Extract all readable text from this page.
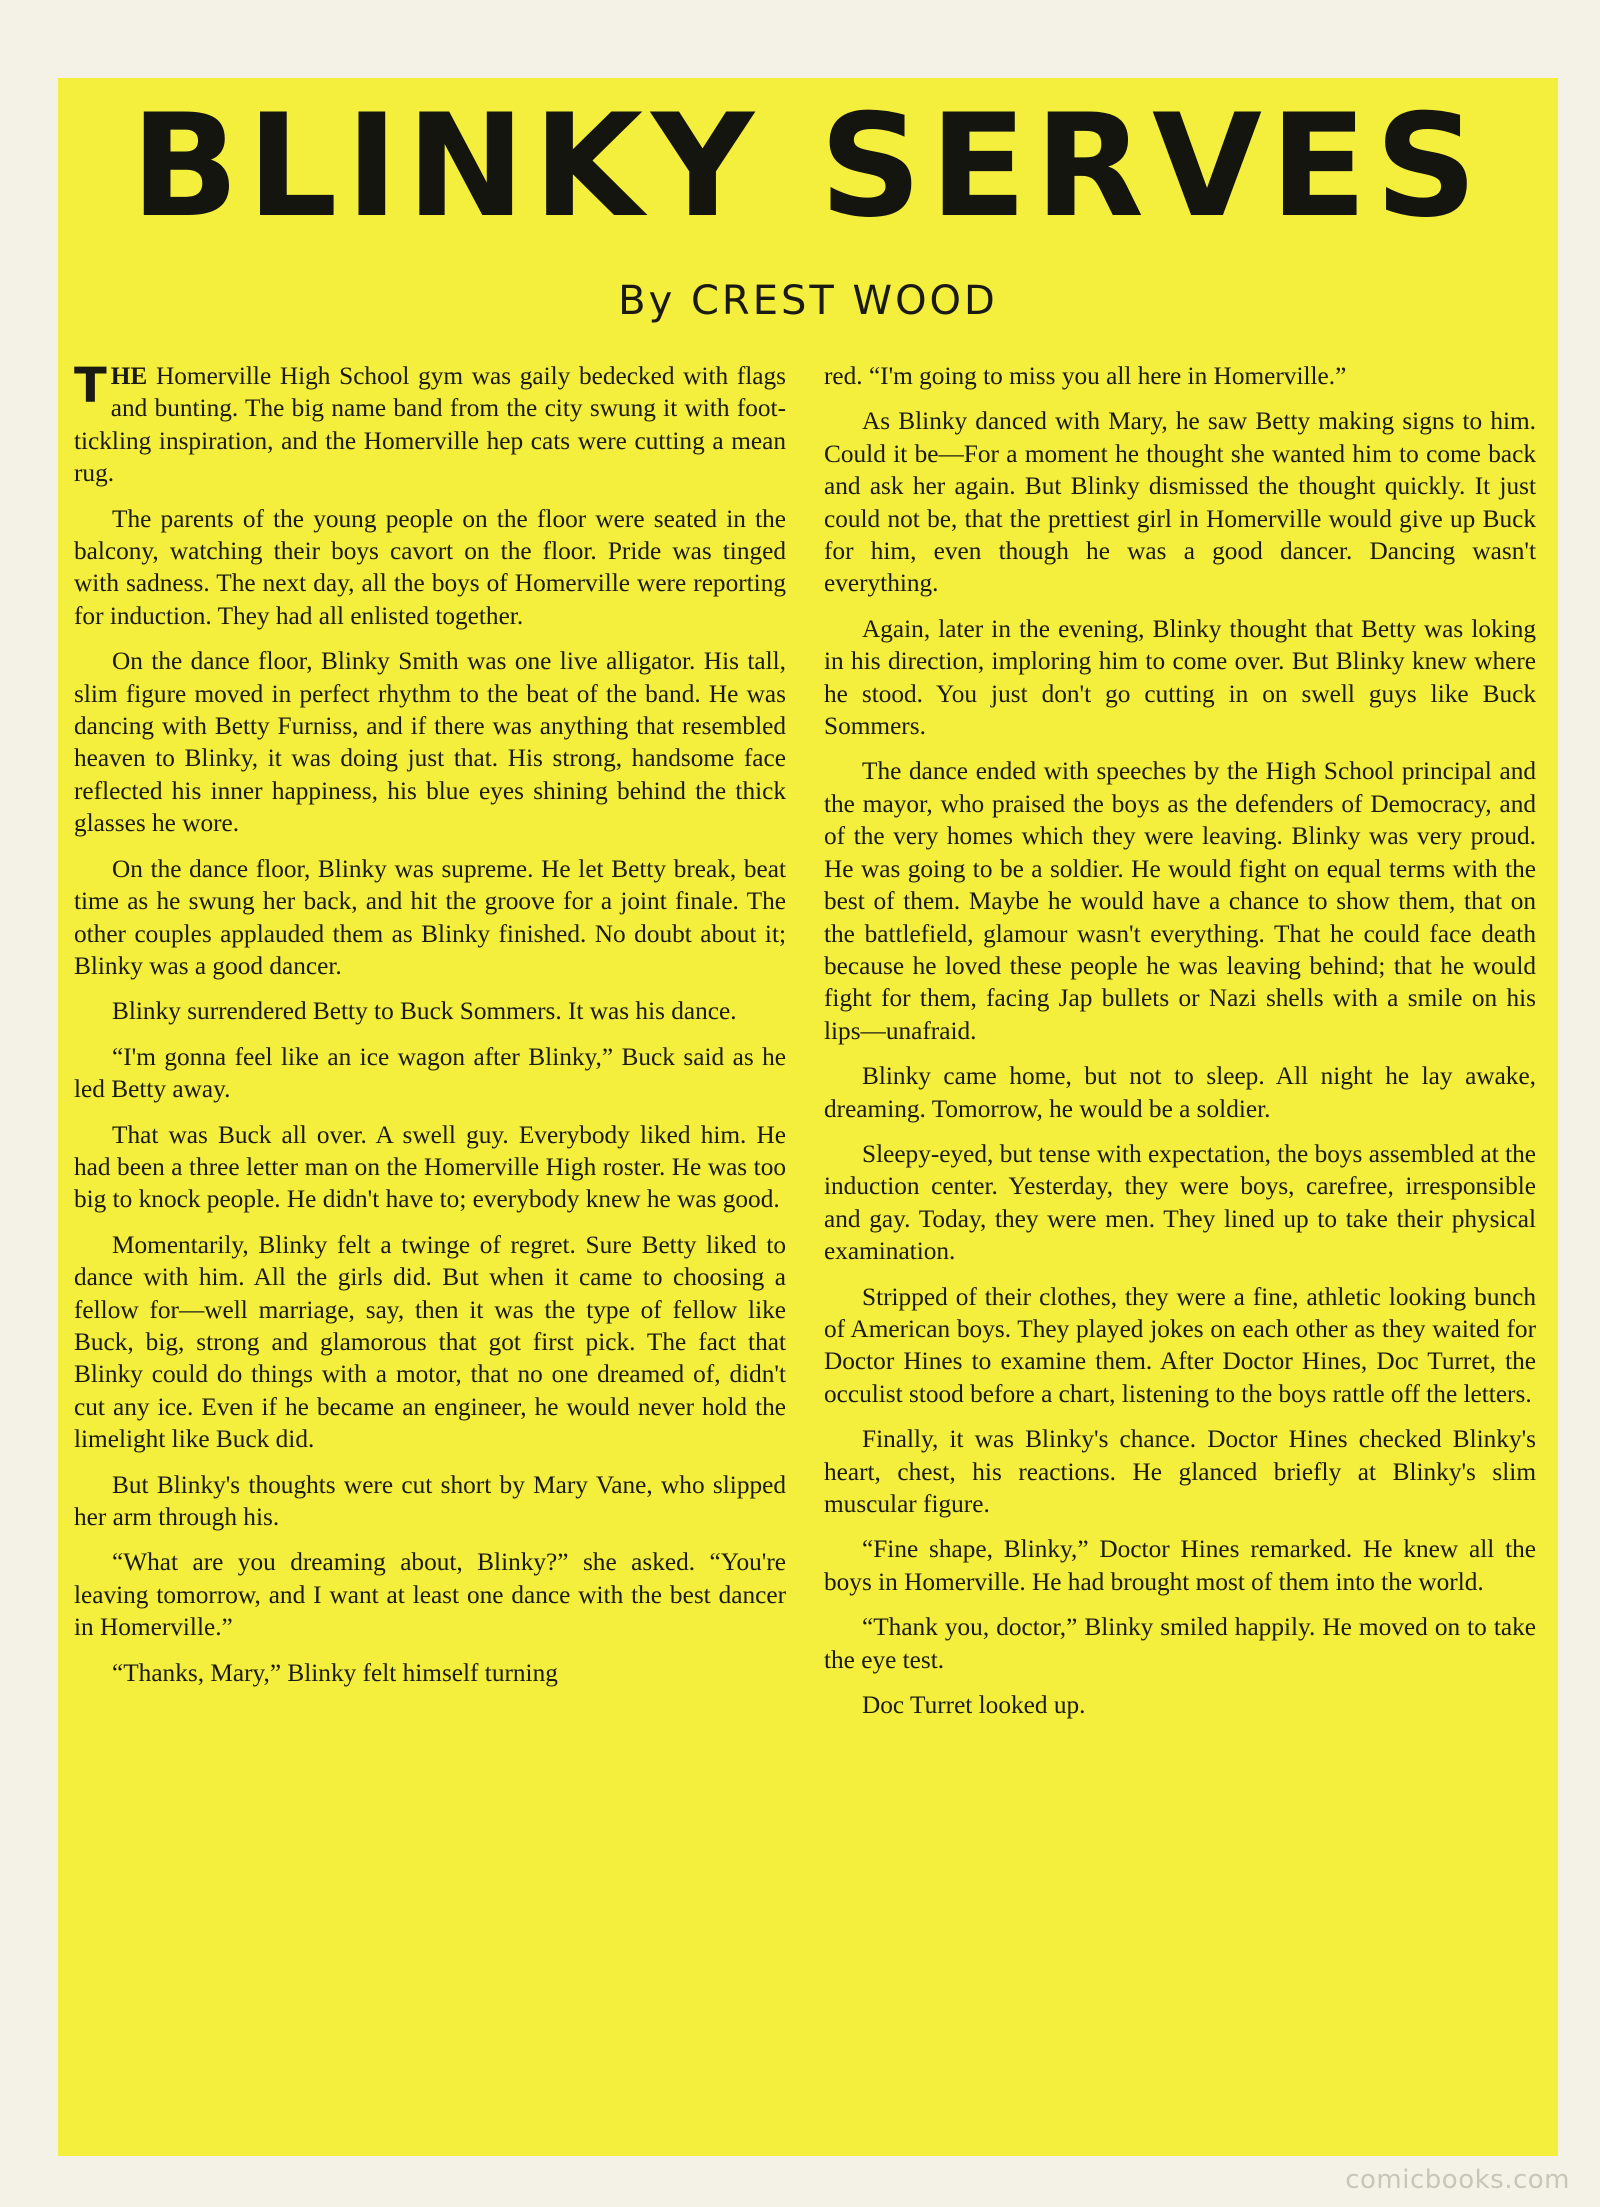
BLINKY SERVES
By CREST WOOD

THE Homerville High School gym was gaily bedecked with flags and bunting. The big name band from the city swung it with foot-tickling inspiration, and the Homerville hep cats were cutting a mean rug.

The parents of the young people on the floor were seated in the balcony, watching their boys cavort on the floor. Pride was tinged with sadness. The next day, all the boys of Homerville were reporting for induction. They had all enlisted together.

On the dance floor, Blinky Smith was one live alligator. His tall, slim figure moved in perfect rhythm to the beat of the band. He was dancing with Betty Furniss, and if there was anything that resembled heaven to Blinky, it was doing just that. His strong, handsome face reflected his inner happiness, his blue eyes shining behind the thick glasses he wore.

On the dance floor, Blinky was supreme. He let Betty break, beat time as he swung her back, and hit the groove for a joint finale. The other couples applauded them as Blinky finished. No doubt about it; Blinky was a good dancer.

Blinky surrendered Betty to Buck Sommers. It was his dance.

“I'm gonna feel like an ice wagon after Blinky,” Buck said as he led Betty away.

That was Buck all over. A swell guy. Everybody liked him. He had been a three letter man on the Homerville High roster. He was too big to knock people. He didn't have to; everybody knew he was good.

Momentarily, Blinky felt a twinge of regret. Sure Betty liked to dance with him. All the girls did. But when it came to choosing a fellow for—well marriage, say, then it was the type of fellow like Buck, big, strong and glamorous that got first pick. The fact that Blinky could do things with a motor, that no one dreamed of, didn't cut any ice. Even if he became an engineer, he would never hold the limelight like Buck did.

But Blinky's thoughts were cut short by Mary Vane, who slipped her arm through his.

“What are you dreaming about, Blinky?” she asked. “You're leaving tomorrow, and I want at least one dance with the best dancer in Homerville.”

“Thanks, Mary,” Blinky felt himself turning

red. “I'm going to miss you all here in Homerville.”

As Blinky danced with Mary, he saw Betty making signs to him. Could it be—For a moment he thought she wanted him to come back and ask her again. But Blinky dismissed the thought quickly. It just could not be, that the prettiest girl in Homerville would give up Buck for him, even though he was a good dancer. Dancing wasn't everything.

Again, later in the evening, Blinky thought that Betty was loking in his direction, imploring him to come over. But Blinky knew where he stood. You just don't go cutting in on swell guys like Buck Sommers.

The dance ended with speeches by the High School principal and the mayor, who praised the boys as the defenders of Democracy, and of the very homes which they were leaving. Blinky was very proud. He was going to be a soldier. He would fight on equal terms with the best of them. Maybe he would have a chance to show them, that on the battlefield, glamour wasn't everything. That he could face death because he loved these people he was leaving behind; that he would fight for them, facing Jap bullets or Nazi shells with a smile on his lips—unafraid.

Blinky came home, but not to sleep. All night he lay awake, dreaming. Tomorrow, he would be a soldier.

Sleepy-eyed, but tense with expectation, the boys assembled at the induction center. Yesterday, they were boys, carefree, irresponsible and gay. Today, they were men. They lined up to take their physical examination.

Stripped of their clothes, they were a fine, athletic looking bunch of American boys. They played jokes on each other as they waited for Doctor Hines to examine them. After Doctor Hines, Doc Turret, the occulist stood before a chart, listening to the boys rattle off the letters.

Finally, it was Blinky's chance. Doctor Hines checked Blinky's heart, chest, his reactions. He glanced briefly at Blinky's slim muscular figure.

“Fine shape, Blinky,” Doctor Hines remarked. He knew all the boys in Homerville. He had brought most of them into the world.

“Thank you, doctor,” Blinky smiled happily. He moved on to take the eye test.

Doc Turret looked up.

comicbooks.com
